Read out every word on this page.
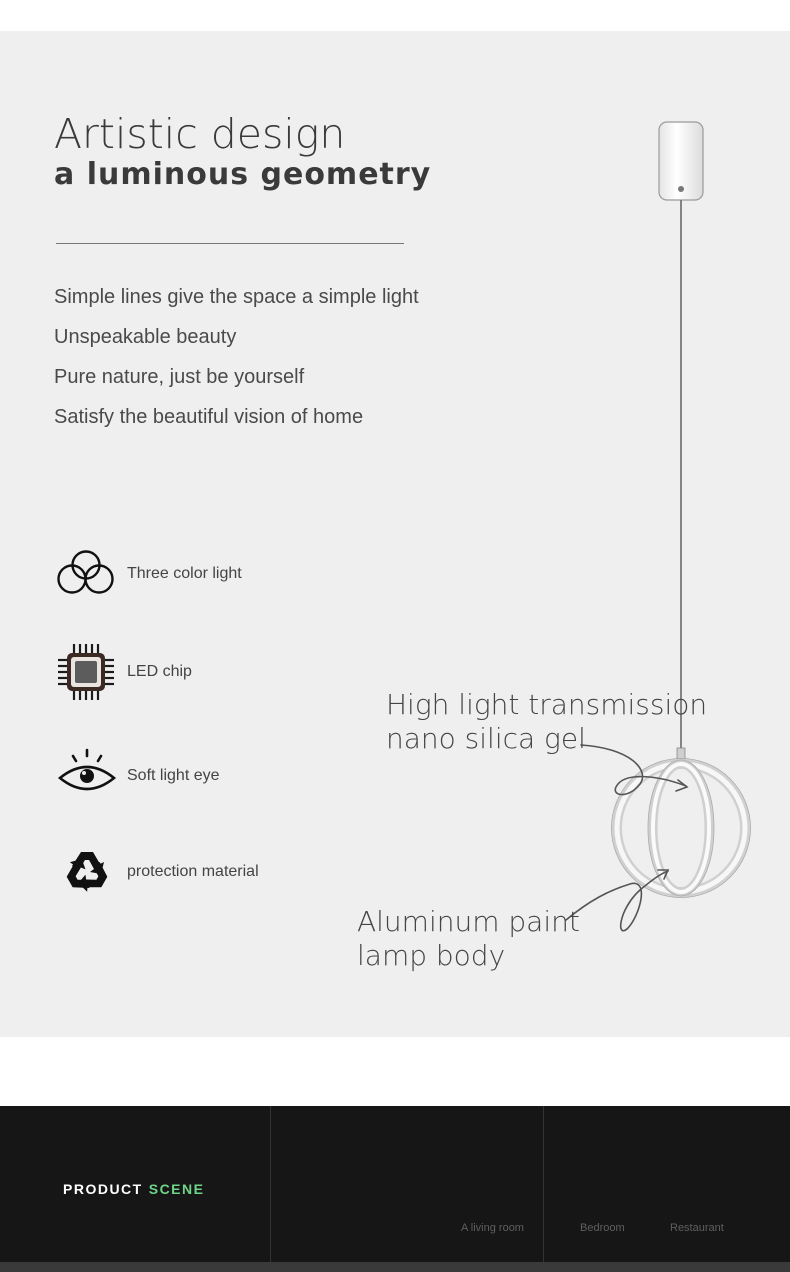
Artistic design
a luminous geometry

Simple lines give the space a simple light

Unspeakable beauty

Pure nature, just be yourself

Satisfy the beautiful vision of home

Three color light
LED chip
Soft light eye
protection material

High light transmission

nano silica gel

Aluminum paint

lamp body

PRODUCT SCENE
A living room	Bedroom	Restaurant
